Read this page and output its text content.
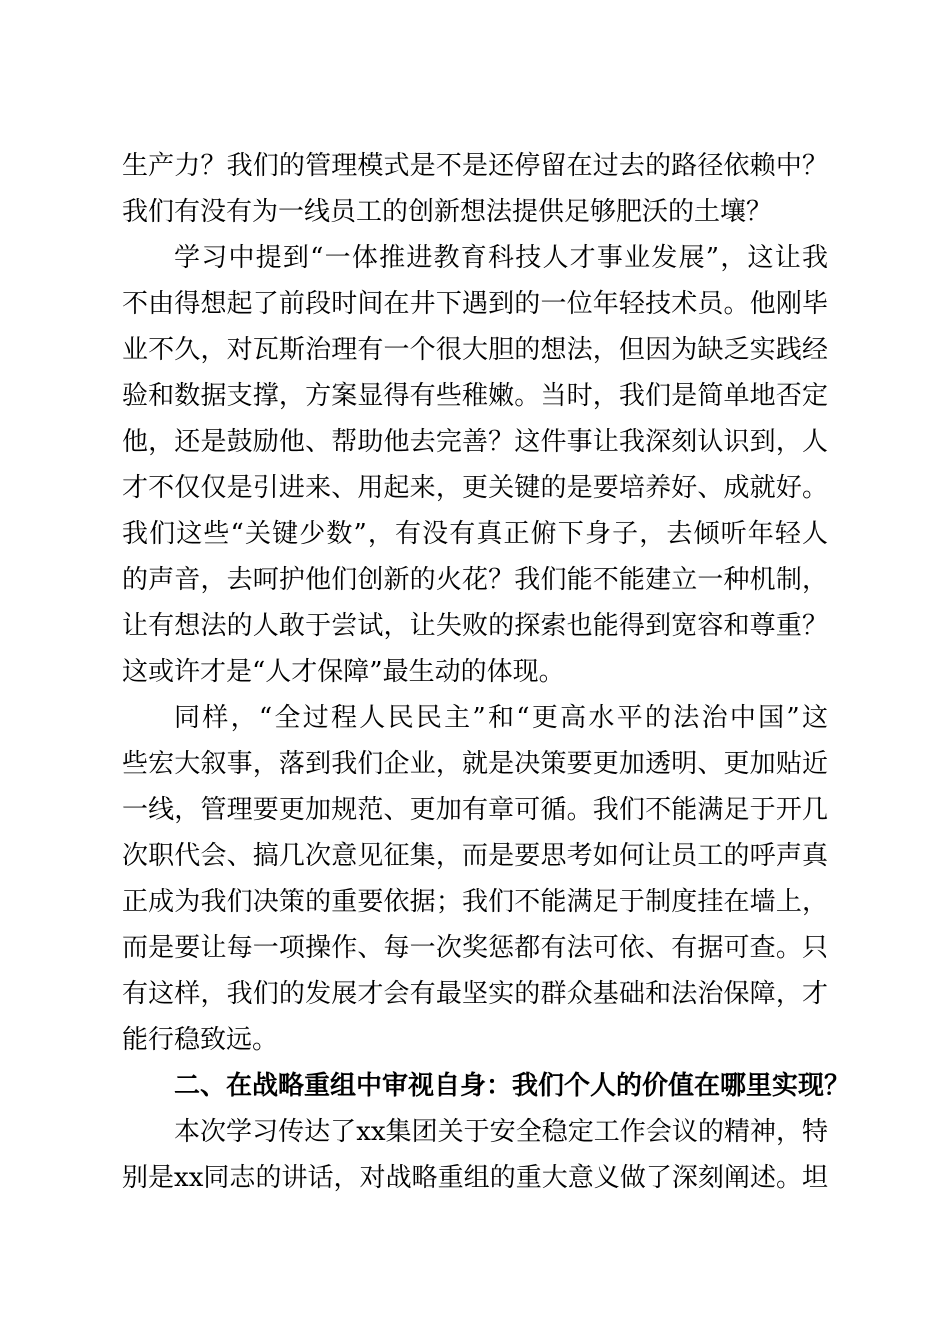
生产力？我们的管理模式是不是还停留在过去的路径依赖中？
我们有没有为一线员工的创新想法提供足够肥沃的土壤？
学习中提到“一体推进教育科技人才事业发展”，这让我
不由得想起了前段时间在井下遇到的一位年轻技术员。他刚毕
业不久，对瓦斯治理有一个很大胆的想法，但因为缺乏实践经
验和数据支撑，方案显得有些稚嫩。当时，我们是简单地否定
他，还是鼓励他、帮助他去完善？这件事让我深刻认识到，人
才不仅仅是引进来、用起来，更关键的是要培养好、成就好。
我们这些“关键少数”，有没有真正俯下身子，去倾听年轻人
的声音，去呵护他们创新的火花？我们能不能建立一种机制，
让有想法的人敢于尝试，让失败的探索也能得到宽容和尊重？
这或许才是“人才保障”最生动的体现。
同样，“全过程人民民主”和“更高水平的法治中国”这
些宏大叙事，落到我们企业，就是决策要更加透明、更加贴近
一线，管理要更加规范、更加有章可循。我们不能满足于开几
次职代会、搞几次意见征集，而是要思考如何让员工的呼声真
正成为我们决策的重要依据；我们不能满足于制度挂在墙上，
而是要让每一项操作、每一次奖惩都有法可依、有据可查。只
有这样，我们的发展才会有最坚实的群众基础和法治保障，才
能行稳致远。
二、在战略重组中审视自身：我们个人的价值在哪里实现？
本次学习传达了xx集团关于安全稳定工作会议的精神，特
别是xx同志的讲话，对战略重组的重大意义做了深刻阐述。坦
